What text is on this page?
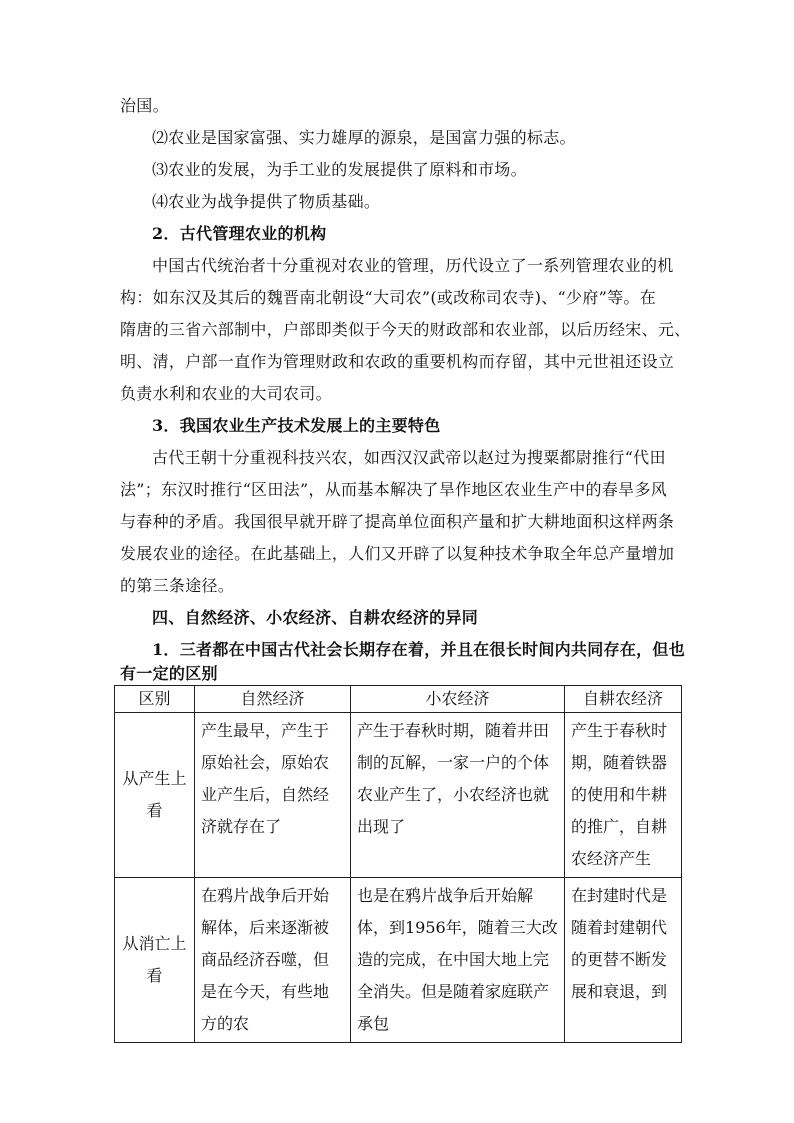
治国。
⑵农业是国家富强、实力雄厚的源泉，是国富力强的标志。
⑶农业的发展，为手工业的发展提供了原料和市场。
⑷农业为战争提供了物质基础。
2．古代管理农业的机构
中国古代统治者十分重视对农业的管理，历代设立了一系列管理农业的机
构：如东汉及其后的魏晋南北朝设“大司农”(或改称司农寺)、“少府”等。在
隋唐的三省六部制中，户部即类似于今天的财政部和农业部，以后历经宋、元、
明、清，户部一直作为管理财政和农政的重要机构而存留，其中元世祖还设立
负责水利和农业的大司农司。
3．我国农业生产技术发展上的主要特色
古代王朝十分重视科技兴农，如西汉汉武帝以赵过为搜粟都尉推行“代田
法”；东汉时推行“区田法”，从而基本解决了旱作地区农业生产中的春旱多风
与春种的矛盾。我国很早就开辟了提高单位面积产量和扩大耕地面积这样两条
发展农业的途径。在此基础上，人们又开辟了以复种技术争取全年总产量增加
的第三条途径。
四、自然经济、小农经济、自耕农经济的异同
1．三者都在中国古代社会长期存在着，并且在很长时间内共同存在，但也
有一定的区别
区别	自然经济	小农经济	自耕农经济

从产生上看	产生最早，产生于原始社会，原始农业产生后，自然经济就存在了	产生于春秋时期，随着井田制的瓦解，一家一户的个体农业产生了，小农经济也就出现了	产生于春秋时期，随着铁器的使用和牛耕的推广，自耕农经济产生

从消亡上看	在鸦片战争后开始解体，后来逐渐被商品经济吞噬，但是在今天，有些地方的农	也是在鸦片战争后开始解体，到1956年，随着三大改造的完成，在中国大地上完全消失。但是随着家庭联产承包	在封建时代是随着封建朝代的更替不断发展和衰退，到
